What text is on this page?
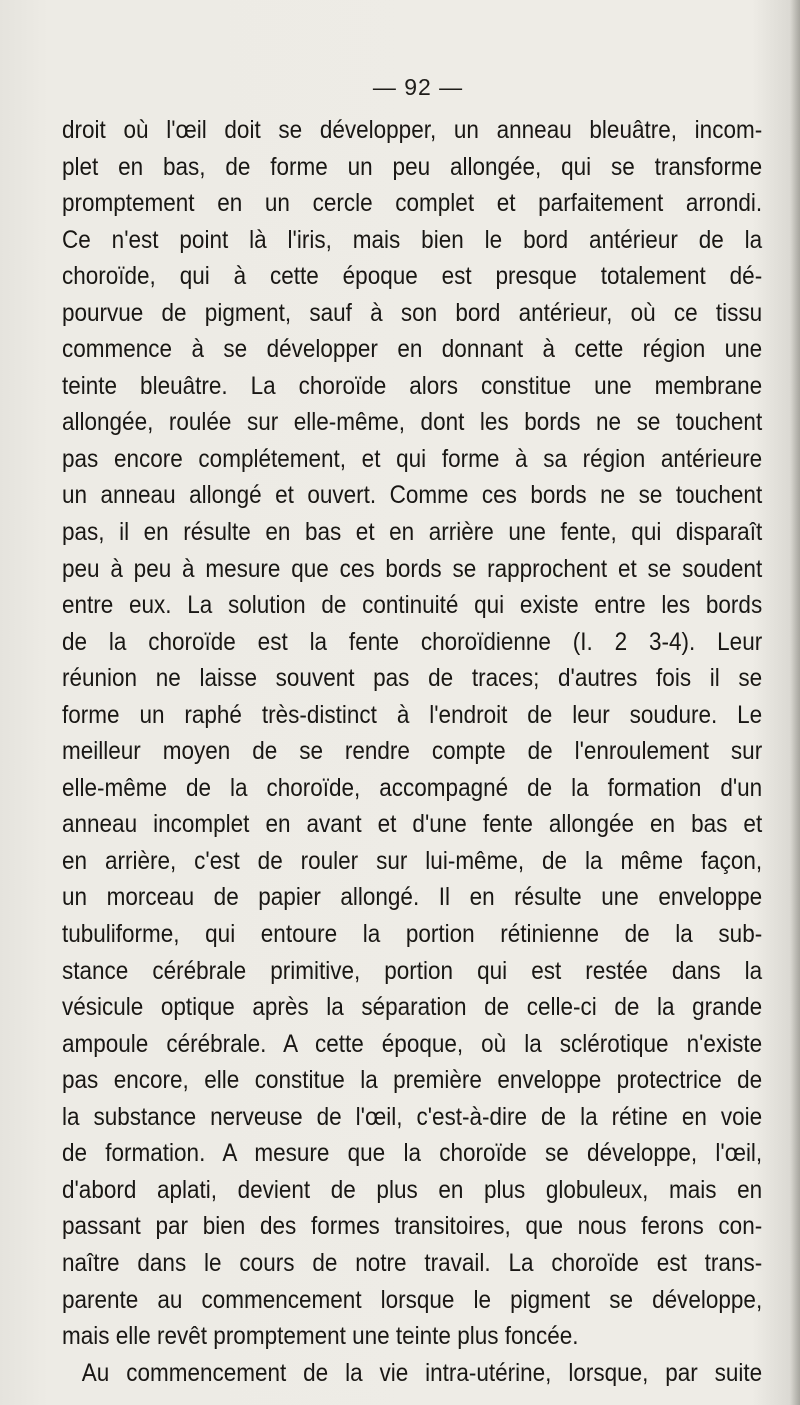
— 92 —
droit où l'œil doit se développer, un anneau bleuâtre, incom-
plet en bas, de forme un peu allongée, qui se transforme
promptement en un cercle complet et parfaitement arrondi.
Ce n'est point là l'iris, mais bien le bord antérieur de la
choroïde, qui à cette époque est presque totalement dé-
pourvue de pigment, sauf à son bord antérieur, où ce tissu
commence à se développer en donnant à cette région une
teinte bleuâtre. La choroïde alors constitue une membrane
allongée, roulée sur elle-même, dont les bords ne se touchent
pas encore complétement, et qui forme à sa région antérieure
un anneau allongé et ouvert. Comme ces bords ne se touchent
pas, il en résulte en bas et en arrière une fente, qui disparaît
peu à peu à mesure que ces bords se rapprochent et se soudent
entre eux. La solution de continuité qui existe entre les bords
de la choroïde est la fente choroïdienne (I. 2 3-4). Leur
réunion ne laisse souvent pas de traces; d'autres fois il se
forme un raphé très-distinct à l'endroit de leur soudure. Le
meilleur moyen de se rendre compte de l'enroulement sur
elle-même de la choroïde, accompagné de la formation d'un
anneau incomplet en avant et d'une fente allongée en bas et
en arrière, c'est de rouler sur lui-même, de la même façon,
un morceau de papier allongé. Il en résulte une enveloppe
tubuliforme, qui entoure la portion rétinienne de la sub-
stance cérébrale primitive, portion qui est restée dans la
vésicule optique après la séparation de celle-ci de la grande
ampoule cérébrale. A cette époque, où la sclérotique n'existe
pas encore, elle constitue la première enveloppe protectrice de
la substance nerveuse de l'œil, c'est-à-dire de la rétine en voie
de formation. A mesure que la choroïde se développe, l'œil,
d'abord aplati, devient de plus en plus globuleux, mais en
passant par bien des formes transitoires, que nous ferons con-
naître dans le cours de notre travail. La choroïde est trans-
parente au commencement lorsque le pigment se développe,
mais elle revêt promptement une teinte plus foncée.
Au commencement de la vie intra-utérine, lorsque, par suite
